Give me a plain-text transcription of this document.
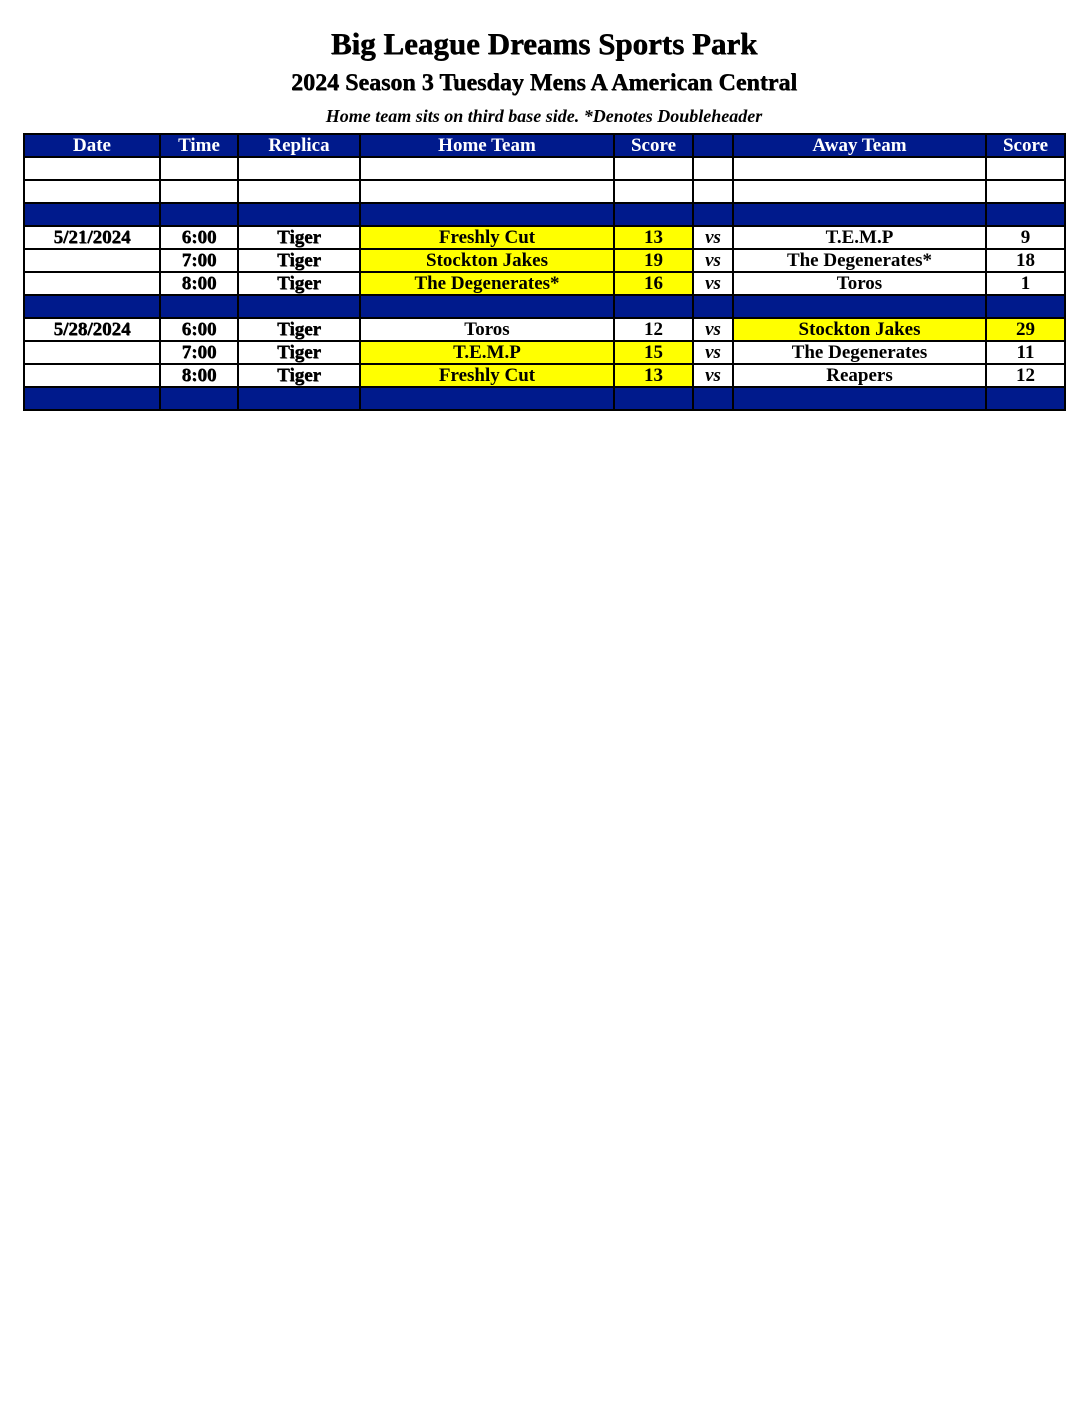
Big League Dreams Sports Park
2024 Season 3 Tuesday Mens A American Central
Home team sits on third base side. *Denotes Doubleheader
Date	Time	Replica	Home Team	Score		Away Team	Score

5/21/2024	6:00	Tiger	Freshly Cut	13	vs	T.E.M.P	9
	7:00	Tiger	Stockton Jakes	19	vs	The Degenerates*	18
	8:00	Tiger	The Degenerates*	16	vs	Toros	1

5/28/2024	6:00	Tiger	Toros	12	vs	Stockton Jakes	29
	7:00	Tiger	T.E.M.P	15	vs	The Degenerates	11
	8:00	Tiger	Freshly Cut	13	vs	Reapers	12
